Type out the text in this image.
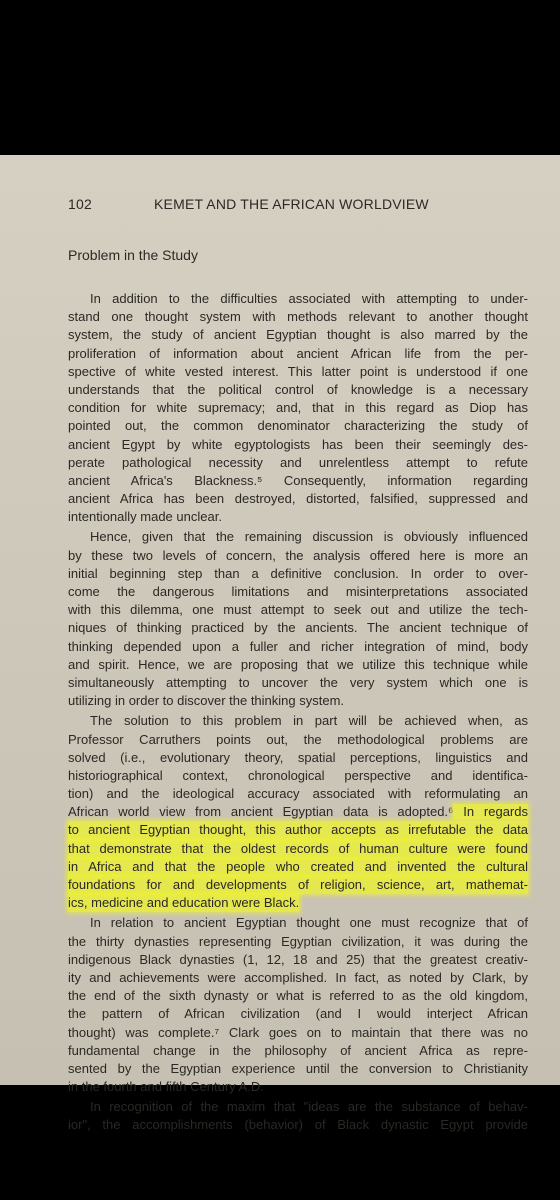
102	KEMET AND THE AFRICAN WORLDVIEW
Problem in the Study
In addition to the difficulties associated with attempting to under-
stand one thought system with methods relevant to another thought
system, the study of ancient Egyptian thought is also marred by the
proliferation of information about ancient African life from the per-
spective of white vested interest. This latter point is understood if one
understands that the political control of knowledge is a necessary
condition for white supremacy; and, that in this regard as Diop has
pointed out, the common denominator characterizing the study of
ancient Egypt by white egyptologists has been their seemingly des-
perate pathological necessity and unrelentless attempt to refute
ancient Africa's Blackness.⁵ Consequently, information regarding
ancient Africa has been destroyed, distorted, falsified, suppressed and
intentionally made unclear.
Hence, given that the remaining discussion is obviously influenced
by these two levels of concern, the analysis offered here is more an
initial beginning step than a definitive conclusion. In order to over-
come the dangerous limitations and misinterpretations associated
with this dilemma, one must attempt to seek out and utilize the tech-
niques of thinking practiced by the ancients. The ancient technique of
thinking depended upon a fuller and richer integration of mind, body
and spirit. Hence, we are proposing that we utilize this technique while
simultaneously attempting to uncover the very system which one is
utilizing in order to discover the thinking system.
The solution to this problem in part will be achieved when, as
Professor Carruthers points out, the methodological problems are
solved (i.e., evolutionary theory, spatial perceptions, linguistics and
historiographical context, chronological perspective and identifica-
tion) and the ideological accuracy associated with reformulating an
African world view from ancient Egyptian data is adopted.⁶ In regards
to ancient Egyptian thought, this author accepts as irrefutable the data
that demonstrate that the oldest records of human culture were found
in Africa and that the people who created and invented the cultural
foundations for and developments of religion, science, art, mathemat-
ics, medicine and education were Black.
In relation to ancient Egyptian thought one must recognize that of
the thirty dynasties representing Egyptian civilization, it was during the
indigenous Black dynasties (1, 12, 18 and 25) that the greatest creativ-
ity and achievements were accomplished. In fact, as noted by Clark, by
the end of the sixth dynasty or what is referred to as the old kingdom,
the pattern of African civilization (and I would interject African
thought) was complete.⁷ Clark goes on to maintain that there was no
fundamental change in the philosophy of ancient Africa as repre-
sented by the Egyptian experience until the conversion to Christianity
in the fourth and fifth Century A.D.
In recognition of the maxim that "ideas are the substance of behav-
ior", the accomplishments (behavior) of Black dynastic Egypt provide
